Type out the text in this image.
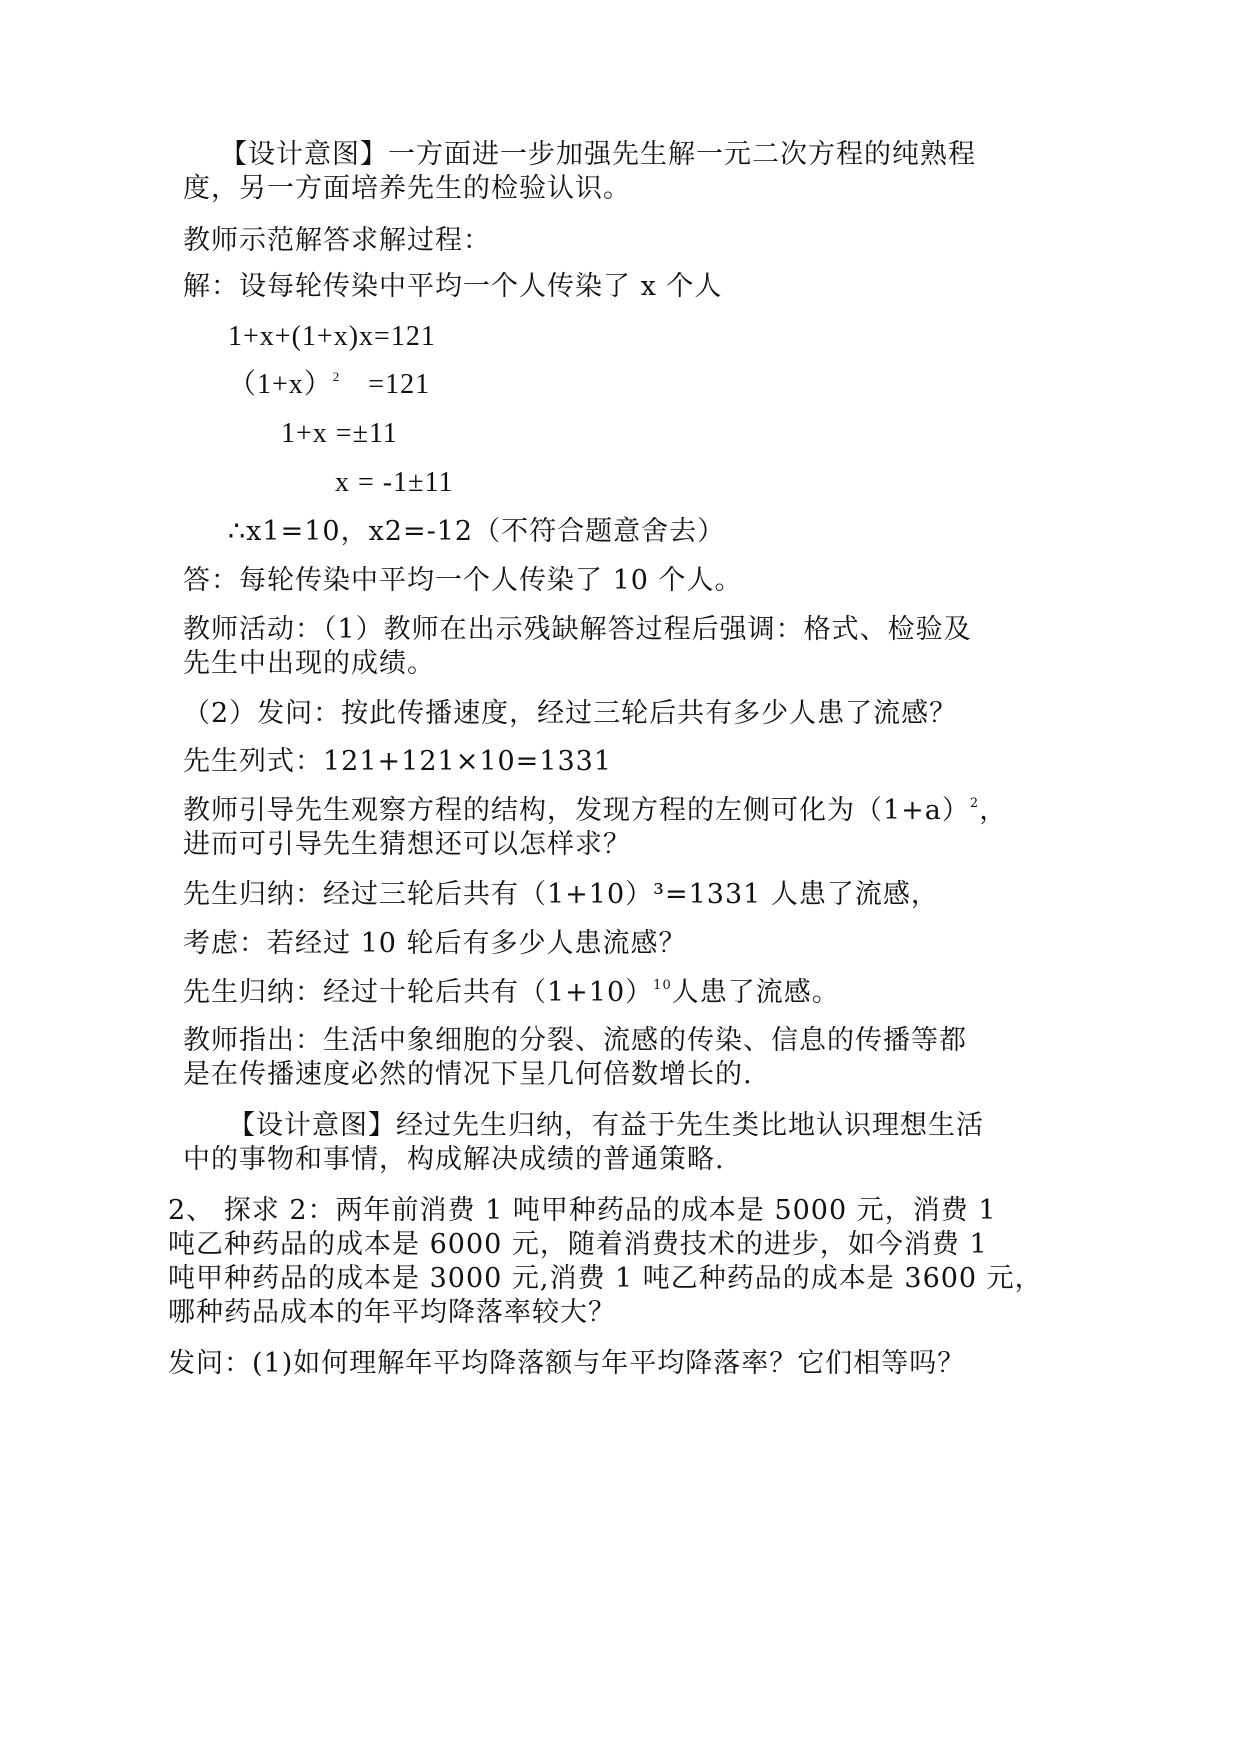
【设计意图】一方面进一步加强先生解一元二次方程的纯熟程
度，另一方面培养先生的检验认识。
教师示范解答求解过程：
解：设每轮传染中平均一个人传染了 x 个人
1+x+(1+x)x=121
$(1+x)^2 =121$
1+x =±11
x = -1±11
∴x1=10，x2=-12（不符合题意舍去）
答：每轮传染中平均一个人传染了 10 个人。
教师活动：（1）教师在出示残缺解答过程后强调：格式、检验及
先生中出现的成绩。
（2）发问：按此传播速度，经过三轮后共有多少人患了流感？
先生列式：121+121×10=1331
教师引导先生观察方程的结构，发现方程的左侧可化为$(1+a)^2$，
进而可引导先生猜想还可以怎样求？
先生归纳：经过三轮后共有（1+10）³=1331 人患了流感，
考虑：若经过 10 轮后有多少人患流感？
先生归纳：经过十轮后共有$(1+10)^{10}$人患了流感。
教师指出：生活中象细胞的分裂、流感的传染、信息的传播等都
是在传播速度必然的情况下呈几何倍数增长的.
【设计意图】经过先生归纳，有益于先生类比地认识理想生活
中的事物和事情，构成解决成绩的普通策略.
2、 探求 2：两年前消费 1 吨甲种药品的成本是 5000 元，消费 1
吨乙种药品的成本是 6000 元，随着消费技术的进步，如今消费 1
吨甲种药品的成本是 3000 元,消费 1 吨乙种药品的成本是 3600 元，
哪种药品成本的年平均降落率较大？
发问：(1)如何理解年平均降落额与年平均降落率？它们相等吗？
